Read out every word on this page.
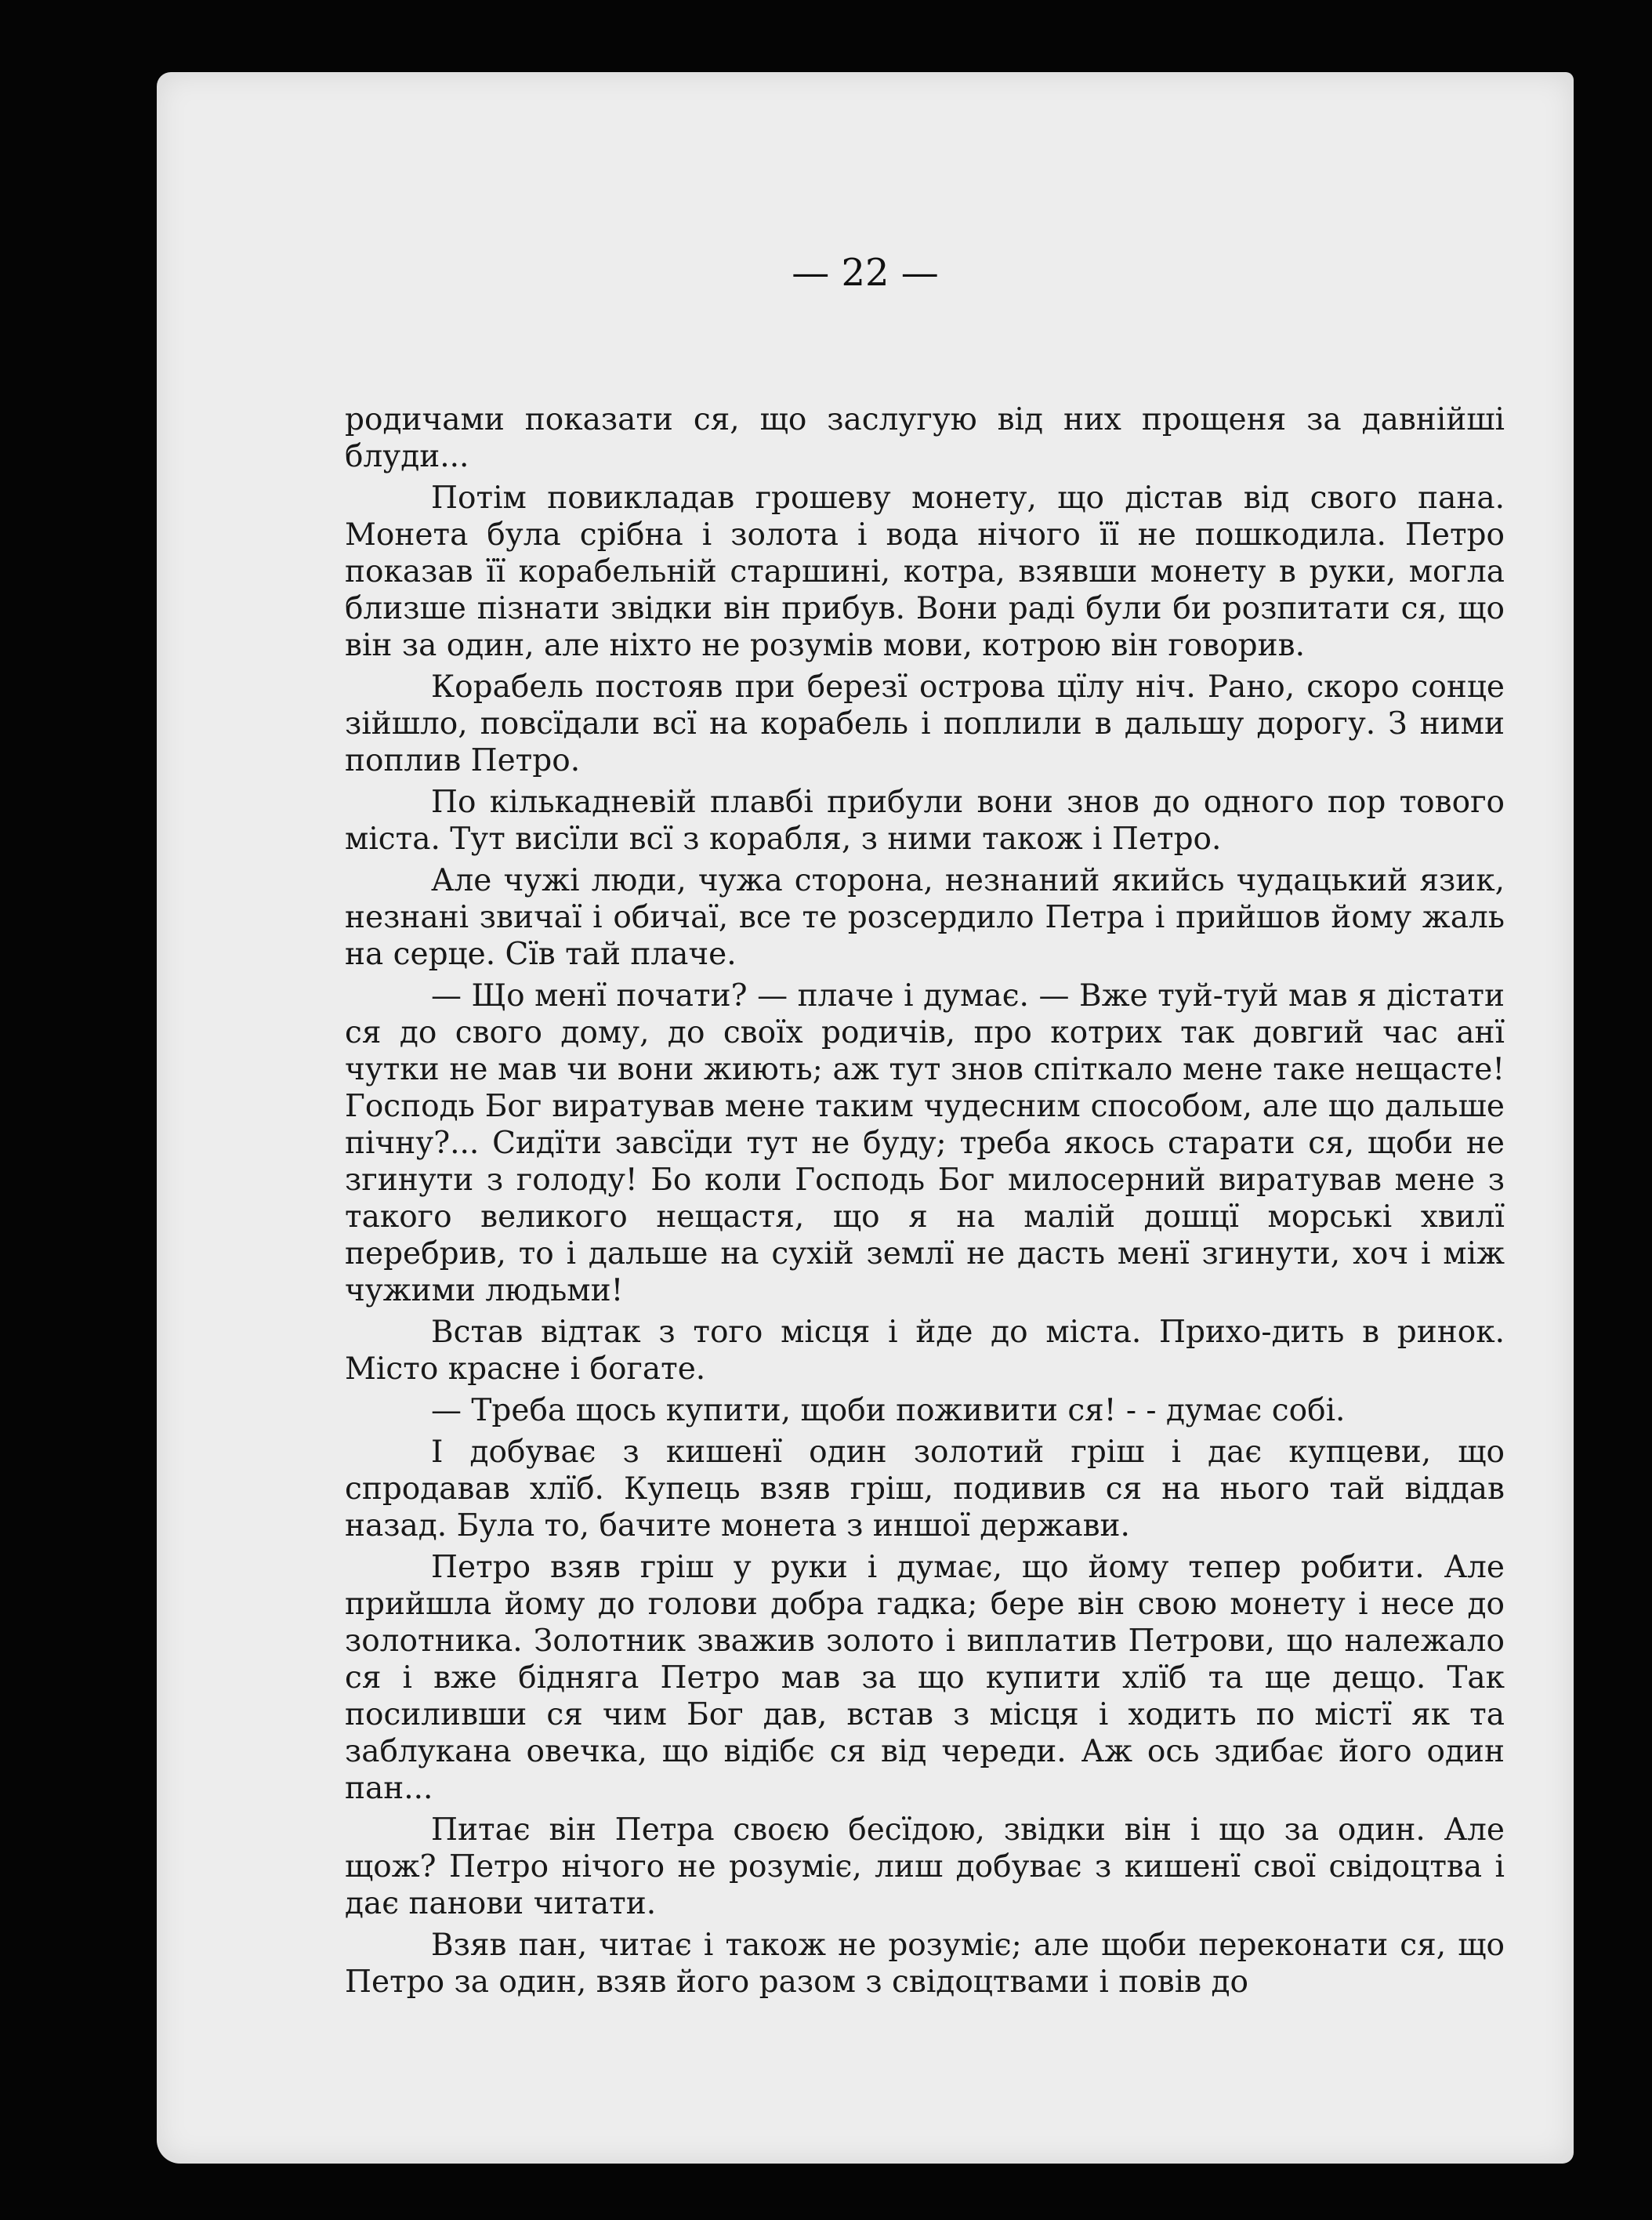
— 22 —

родичами показати ся, що заслугую від них прощеня за давнійші блуди...

Потім повикладав грошеву монету, що дістав від свого пана. Монета була срібна і золота і вода нічого її не пошкодила. Петро показав її корабельній старшині, котра, взявши монету в руки, могла близше пізнати звідки він прибув. Вони раді були би розпитати ся, що він за один, але ніхто не розумів мови, котрою він говорив.

Корабель постояв при березї острова цїлу ніч. Рано, скоро сонце зійшло, повсїдали всї на корабель і поплили в дальшу дорогу. З ними поплив Петро.

По кількадневій плавбі прибули вони знов до одного пор тового міста. Тут висїли всї з корабля, з ними також і Петро.

Але чужі люди, чужа сторона, незнаний якийсь чудацький язик, незнані звичаї і обичаї, все те розсердило Петра і прийшов йому жаль на серце. Сїв тай плаче.

— Що менї почати? — плаче і думає. — Вже туй-туй мав я дістати ся до свого дому, до своїх родичів, про котрих так довгий час анї чутки не мав чи вони жиють; аж тут знов спіткало мене таке нещасте! Господь Бог виратував мене таким чудесним способом, але що дальше пічну?... Сидїти завсїди тут не буду; треба якось старати ся, щоби не згинути з голоду! Бо коли Господь Бог милосерний виратував мене з такого великого нещастя, що я на малій дошцї морські хвилї перебрив, то і дальше на сухій землї не дасть менї згинути, хоч і між чужими людьми!

Встав відтак з того місця і йде до міста. Прихо-дить в ринок. Місто красне і богате.

— Треба щось купити, щоби поживити ся! - - думає собі.

І добуває з кишенї один золотий гріш і дає купцеви, що спродавав хлїб. Купець взяв гріш, подивив ся на нього тай віддав назад. Була то, бачите монета з иншої держави.

Петро взяв гріш у руки і думає, що йому тепер робити. Але прийшла йому до голови добра гадка; бере він свою монету і несе до золотника. Золотник зважив золото і виплатив Петрови, що належало ся і вже бідняга Петро мав за що купити хлїб та ще дещо. Так посиливши ся чим Бог дав, встав з місця і ходить по містї як та заблукана овечка, що відібє ся від череди. Аж ось здибає його один пан...

Питає він Петра своєю бесїдою, звідки він і що за один. Але щож? Петро нічого не розуміє, лиш добуває з кишенї свої свідоцтва і дає панови читати.

Взяв пан, читає і також не розуміє; але щоби переконати ся, що Петро за один, взяв його разом з свідоцтвами і повів до
